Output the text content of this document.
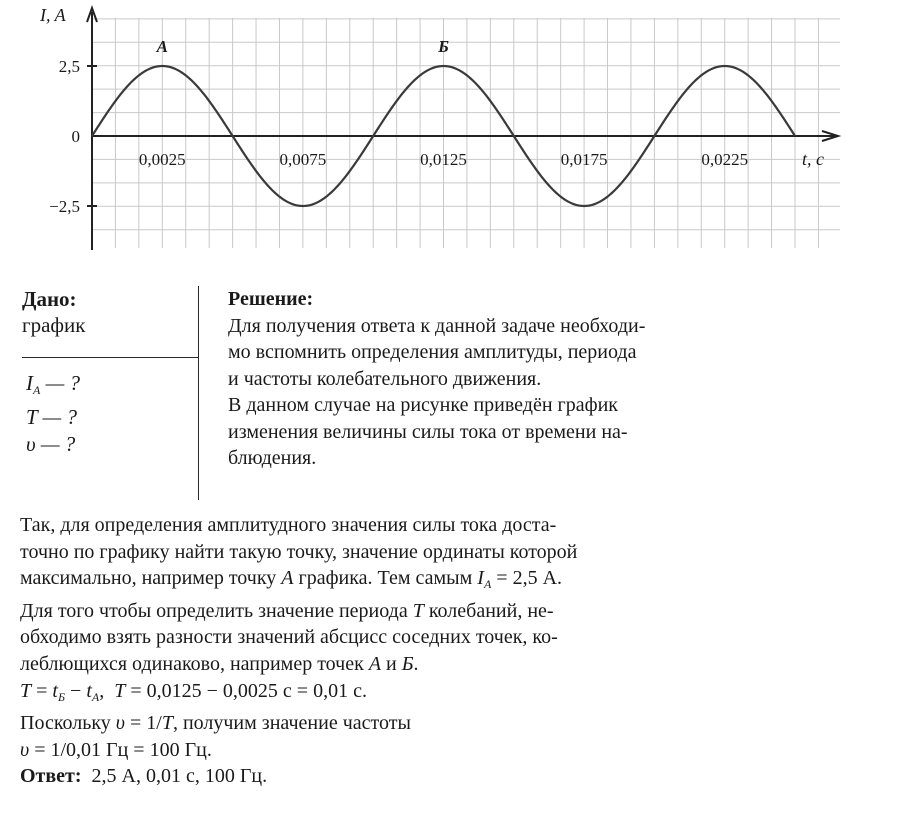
0,0025	0,0075	0,0125	0,0175	0,0225
2,5
0
−2,5
I, A
t, c
A	Б
Дано:
график
$I_A$ — ?
T — ?
υ — ?
Решение:
Для получения ответа к данной задаче необходи-
мо вспомнить определения амплитуды, периода
и частоты колебательного движения.
В данном случае на рисунке приведён график
изменения величины силы тока от времени на-
блюдения.
Так, для определения амплитудного значения силы тока доста-
точно по графику найти такую точку, значение ординаты которой
максимально, например точку A графика. Тем самым $I_A = 2,5$ А.
Для того чтобы определить значение периода T колебаний, не-
обходимо взять разности значений абсцисс соседних точек, ко-
леблющихся одинаково, например точек A и Б.
$T = t_Б - t_A$, T = 0,0125 − 0,0025 с = 0,01 с.
Поскольку υ = 1/T, получим значение частоты
υ = 1/0,01 Гц = 100 Гц.
Ответ: 2,5 А, 0,01 с, 100 Гц.
